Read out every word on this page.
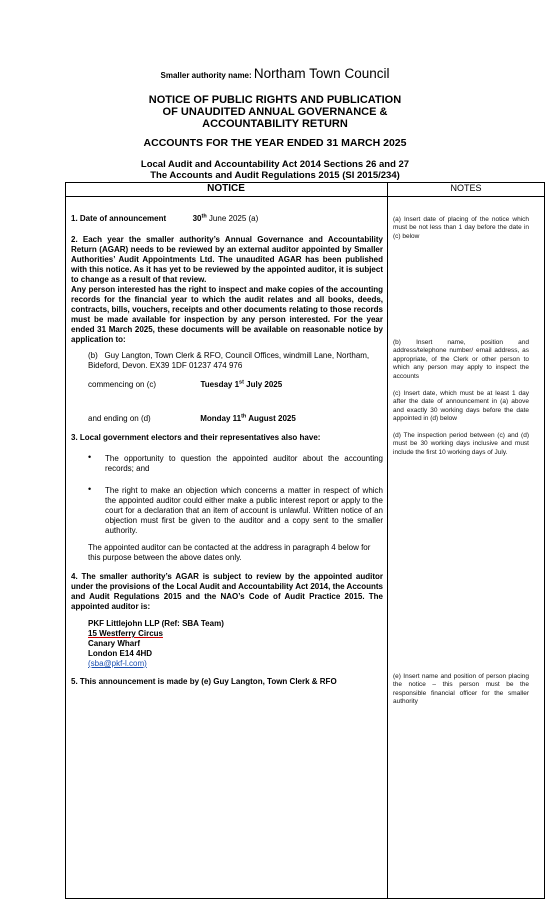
Smaller authority name: Northam Town Council
NOTICE OF PUBLIC RIGHTS AND PUBLICATION
OF UNAUDITED ANNUAL GOVERNANCE &
ACCOUNTABILITY RETURN
ACCOUNTS FOR THE YEAR ENDED 31 MARCH 2025
Local Audit and Accountability Act 2014 Sections 26 and 27
The Accounts and Audit Regulations 2015 (SI 2015/234)
NOTICE	NOTES
1. Date of announcement	30th June 2025 (a)
2. Each year the smaller authority’s Annual Governance and Accountability Return (AGAR) needs to be reviewed by an external auditor appointed by Smaller Authorities’ Audit Appointments Ltd. The unaudited AGAR has been published with this notice. As it has yet to be reviewed by the appointed auditor, it is subject to change as a result of that review.
Any person interested has the right to inspect and make copies of the accounting records for the financial year to which the audit relates and all books, deeds, contracts, bills, vouchers, receipts and other documents relating to those records must be made available for inspection by any person interested. For the year ended 31 March 2025, these documents will be available on reasonable notice by application to:
(b) Guy Langton, Town Clerk & RFO, Council Offices, windmill Lane, Northam, Bideford, Devon. EX39 1DF 01237 474 976
commencing on (c)	Tuesday 1st July 2025
and ending on (d)	Monday 11th August 2025
3. Local government electors and their representatives also have:
• The opportunity to question the appointed auditor about the accounting records; and
• The right to make an objection which concerns a matter in respect of which the appointed auditor could either make a public interest report or apply to the court for a declaration that an item of account is unlawful. Written notice of an objection must first be given to the auditor and a copy sent to the smaller authority.
The appointed auditor can be contacted at the address in paragraph 4 below for this purpose between the above dates only.
4. The smaller authority’s AGAR is subject to review by the appointed auditor under the provisions of the Local Audit and Accountability Act 2014, the Accounts and Audit Regulations 2015 and the NAO’s Code of Audit Practice 2015. The appointed auditor is:
PKF Littlejohn LLP (Ref: SBA Team)
15 Westferry Circus
Canary Wharf
London E14 4HD
(sba@pkf-l.com)
5. This announcement is made by (e) Guy Langton, Town Clerk & RFO
(a) Insert date of placing of the notice which must be not less than 1 day before the date in (c) below
(b) Insert name, position and address/telephone number/ email address, as appropriate, of the Clerk or other person to which any person may apply to inspect the accounts
(c) Insert date, which must be at least 1 day after the date of announcement in (a) above and exactly 30 working days before the date appointed in (d) below
(d) The inspection period between (c) and (d) must be 30 working days inclusive and must include the first 10 working days of July.
(e) Insert name and position of person placing the notice – this person must be the responsible financial officer for the smaller authority
